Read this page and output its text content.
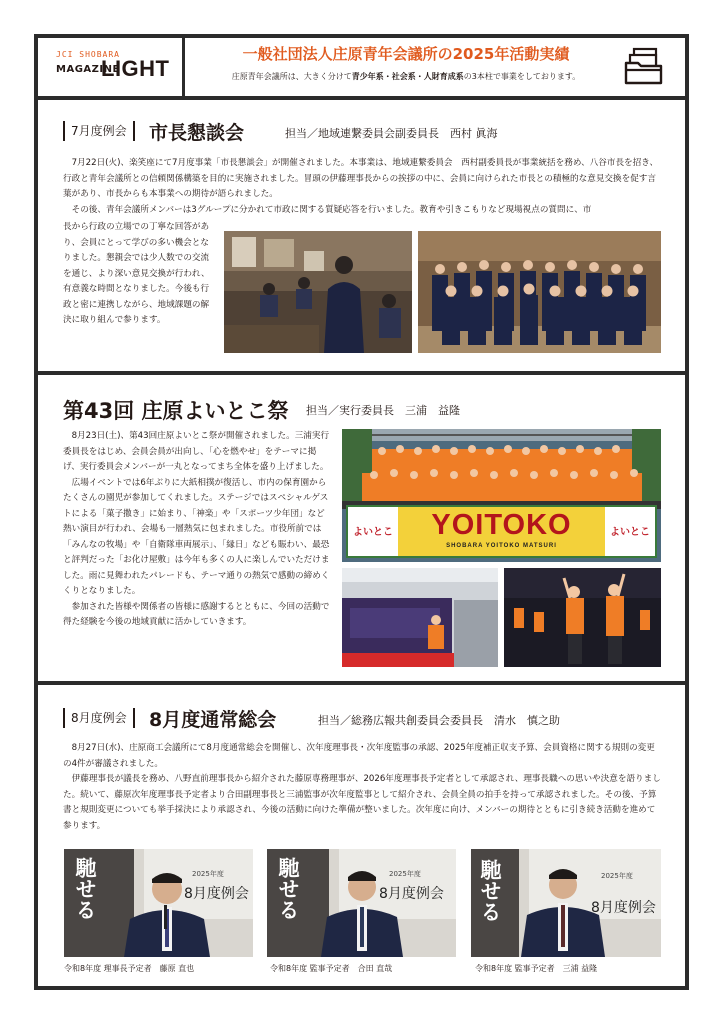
JCI SHOBARA
MAGAZINE
LIGHT
一般社団法人庄原青年会議所の2025年活動実績
庄原青年会議所は、大きく分けて青少年系・社会系・人財育成系の3本柱で事業をしております。
7月度例会	市長懇談会	担当／地域連繋委員会副委員長　西村 眞海

7月22日(火)、楽笑座にて7月度事業「市長懇談会」が開催されました。本事業は、地域連繋委員会　西村副委員長が事業統括を務め、八谷市長を招き、行政と青年会議所との信頼関係構築を目的に実施されました。冒頭の伊藤理事長からの挨拶の中に、会員に向けられた市長との積極的な意見交換を促す言葉があり、市長からも本事業への期待が語られました。

その後、青年会議所メンバーは3グループに分かれて市政に関する質疑応答を行いました。教育や引きこもりなど現場視点の質問に、市

長から行政の立場での丁寧な回答があり、会員にとって学びの多い機会となりました。懇親会では少人数での交流を通じ、より深い意見交換が行われ、有意義な時間となりました。今後も行政と密に連携しながら、地域課題の解決に取り組んで参ります。

第43回 庄原よいとこ祭 担当／実行委員長　三浦　益隆

8月23日(土)、第43回庄原よいとこ祭が開催されました。三浦実行委員長をはじめ、会員会員が出向し、「心を燃やせ」をテーマに掲げ、実行委員会メンバーが一丸となってまち全体を盛り上げました。

広場イベントでは6年ぶりに大紙相撲が復活し、市内の保育園からたくさんの園児が参加してくれました。ステージではスペシャルゲストによる「菓子撒き」に始まり、「神楽」や「スポーツ少年団」など熱い演目が行われ、会場も一層熱気に包まれました。市役所前では「みんなの牧場」や「自衛隊車両展示」、「縁日」なども賑わい、最恐と評判だった「お化け屋敷」は今年も多くの人に楽しんでいただけました。雨に見舞われたパレードも、テーマ通りの熱気で感動の締めくくりとなりました。

参加された皆様や関係者の皆様に感謝するとともに、今回の活動で得た経験を今後の地域貢献に活かしていきます。

よいとこ	よいとこ
YOITOKO
SHOBARA YOITOKO MATSURI
8月度例会	8月度通常総会	担当／総務広報共創委員会委員長　清水　慎之助

8月27日(水)、庄原商工会議所にて8月度通常総会を開催し、次年度理事長・次年度監事の承認、2025年度補正収支予算、会員資格に関する規則の変更の4件が審議されました。

伊藤理事長が議長を務め、八野直前理事長から紹介された藤原専務理事が、2026年度理事長予定者として承認され、理事長職への思いや決意を語りました。続いて、藤原次年度理事長予定者より合田副理事長と三浦監事が次年度監事として紹介され、会員全員の拍手を持って承認されました。その後、予算書と規則変更についても挙手採決により承認され、今後の活動に向けた準備が整いました。次年度に向け、メンバーの期待とともに引き続き活動を進めて参ります。

馳せる	8月度例会
2025年度
令和8年度 理事長予定者　藤原 直也
馳せる	8月度例会
2025年度
令和8年度 監事予定者　合田 直哉
馳せる	8月度例会
2025年度
令和8年度 監事予定者　三浦 益隆
